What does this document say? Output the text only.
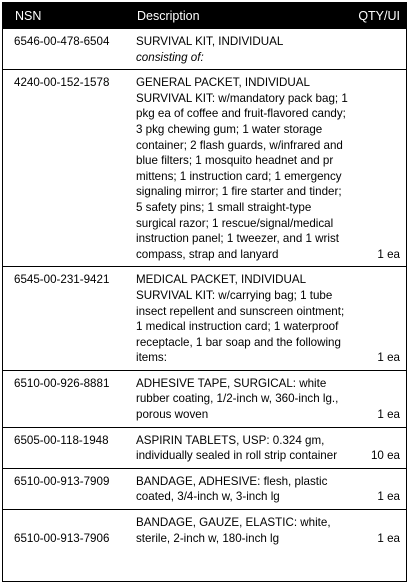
NSN	Description	QTY/UI
6546-00-478-6504	SURVIVAL KIT, INDIVIDUAL
consisting of:	

4240-00-152-1578	GENERAL PACKET, INDIVIDUAL SURVIVAL KIT: w/mandatory pack bag; 1 pkg ea of coffee and fruit-flavored candy; 3 pkg chewing gum; 1 water storage container; 2 flash guards, w/infrared and blue filters; 1 mosquito headnet and pr mittens; 1 instruction card; 1 emergency signaling mirror; 1 fire starter and tinder; 5 safety pins; 1 small straight-type surgical razor; 1 rescue/signal/medical instruction panel; 1 tweezer, and 1 wrist compass, strap and lanyard	1 ea
6545-00-231-9421	MEDICAL PACKET, INDIVIDUAL SURVIVAL KIT: w/carrying bag; 1 tube insect repellent and sunscreen ointment; 1 medical instruction card; 1 waterproof receptacle, 1 bar soap and the following items:	1 ea
6510-00-926-8881	ADHESIVE TAPE, SURGICAL: white rubber coating, 1/2-inch w, 360-inch lg., porous woven	1 ea
6505-00-118-1948	ASPIRIN TABLETS, USP: 0.324 gm, individually sealed in roll strip container	10 ea
6510-00-913-7909	BANDAGE, ADHESIVE: flesh, plastic coated, 3/4-inch w, 3-inch lg	1 ea
6510-00-913-7906	BANDAGE, GAUZE, ELASTIC: white, sterile, 2-inch w, 180-inch lg	1 ea
